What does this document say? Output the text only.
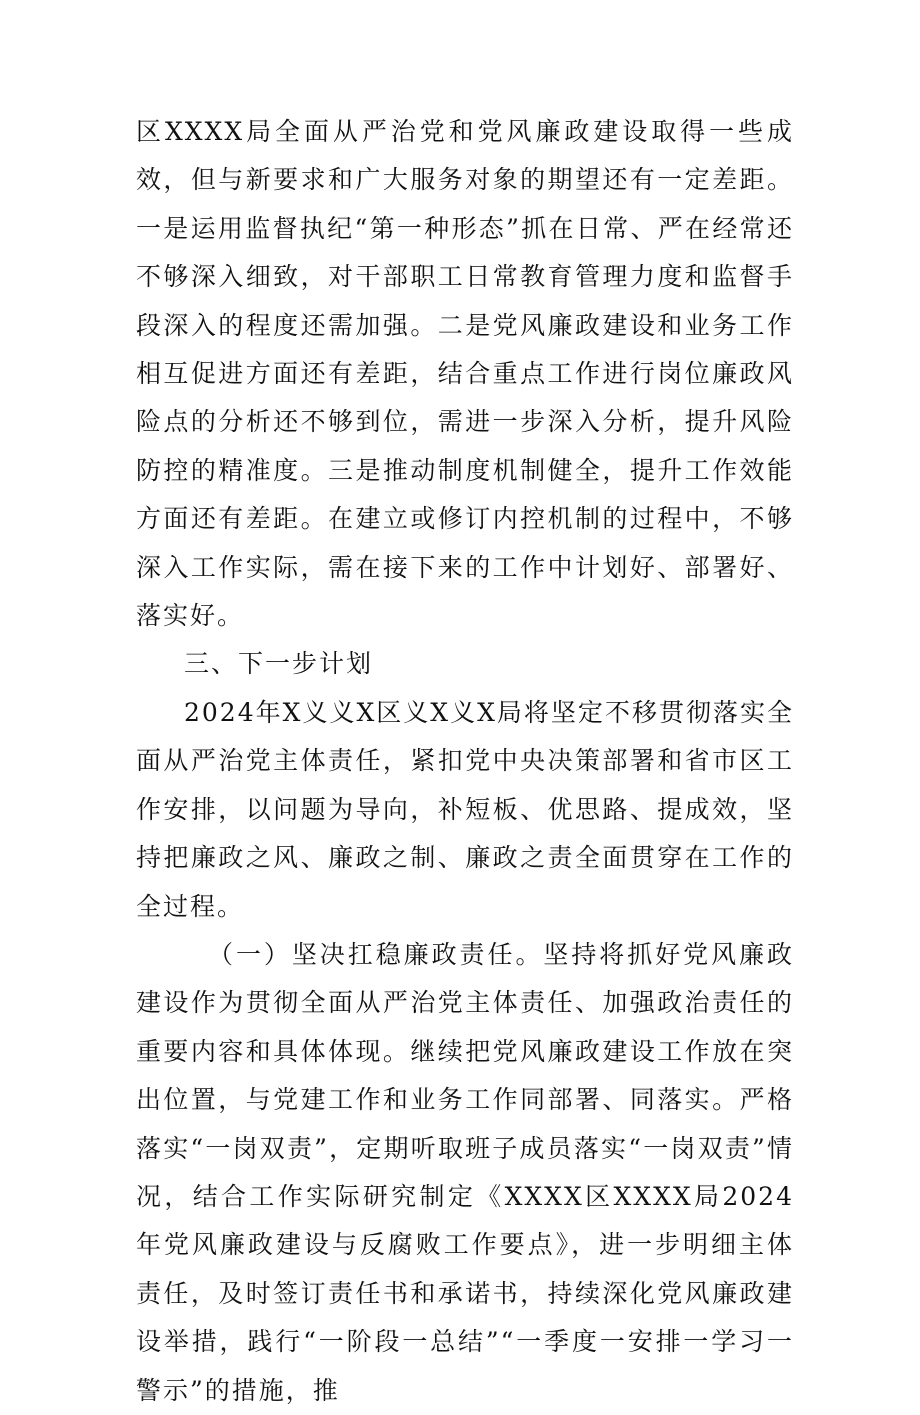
区XXXX局全面从严治党和党风廉政建设取得一些成效，但与新要求和广大服务对象的期望还有一定差距。一是运用监督执纪“第一种形态”抓在日常、严在经常还不够深入细致，对干部职工日常教育管理力度和监督手段深入的程度还需加强。二是党风廉政建设和业务工作相互促进方面还有差距，结合重点工作进行岗位廉政风险点的分析还不够到位，需进一步深入分析，提升风险防控的精准度。三是推动制度机制健全，提升工作效能方面还有差距。在建立或修订内控机制的过程中，不够深入工作实际，需在接下来的工作中计划好、部署好、落实好。

三、下一步计划

2024年X义义X区义X义X局将坚定不移贯彻落实全面从严治党主体责任，紧扣党中央决策部署和省市区工作安排，以问题为导向，补短板、优思路、提成效，坚持把廉政之风、廉政之制、廉政之责全面贯穿在工作的全过程。

（一）坚决扛稳廉政责任。坚持将抓好党风廉政建设作为贯彻全面从严治党主体责任、加强政治责任的重要内容和具体体现。继续把党风廉政建设工作放在突出位置，与党建工作和业务工作同部署、同落实。严格落实“一岗双责”，定期听取班子成员落实“一岗双责”情况，结合工作实际研究制定《XXXX区XXXX局2024年党风廉政建设与反腐败工作要点》，进一步明细主体责任，及时签订责任书和承诺书，持续深化党风廉政建设举措，践行“一阶段一总结”“一季度一安排一学习一警示”的措施，推
